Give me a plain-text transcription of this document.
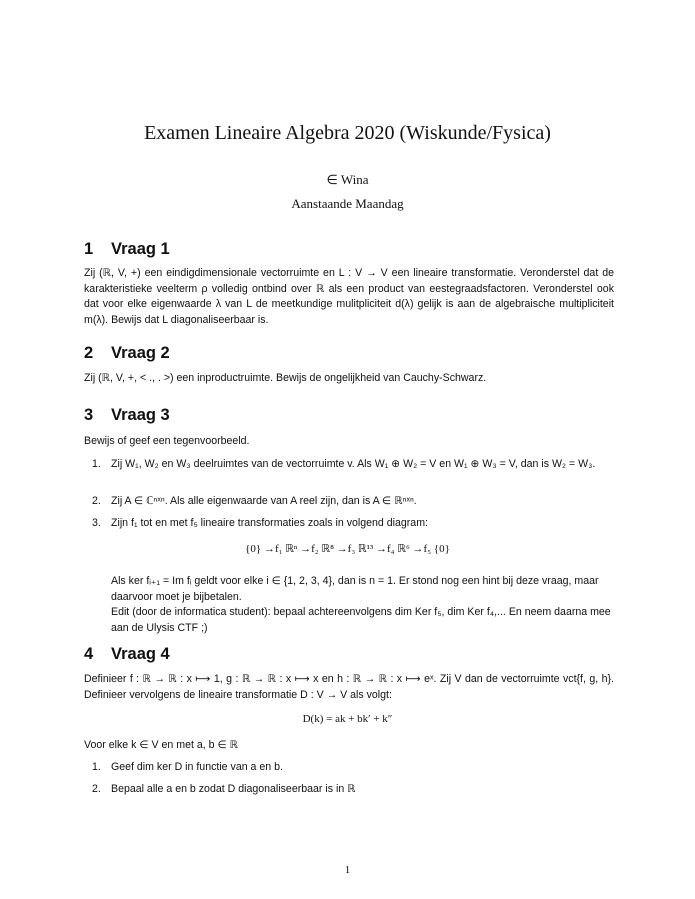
Examen Lineaire Algebra 2020 (Wiskunde/Fysica)
∈ Wina
Aanstaande Maandag
1 Vraag 1
Zij (ℝ, V, +) een eindigdimensionale vectorruimte en L : V → V een lineaire transformatie. Veronderstel dat de karakteristieke veelterm ρ volledig ontbind over ℝ als een product van eestegraadsfactoren. Veronderstel ook dat voor elke eigenwaarde λ van L de meetkundige mulitpliciteit d(λ) gelijk is aan de algebraische multipliciteit m(λ). Bewijs dat L diagonaliseerbaar is.
2 Vraag 2
Zij (ℝ, V, +, < ., . >) een inproductruimte. Bewijs de ongelijkheid van Cauchy-Schwarz.
3 Vraag 3
Bewijs of geef een tegenvoorbeeld.
1. Zij W₁, W₂ en W₃ deelruimtes van de vectorruimte v. Als W₁ ⊕ W₂ = V en W₁ ⊕ W₃ = V, dan is W₂ = W₃.
2. Zij A ∈ ℂⁿˣⁿ. Als alle eigenwaarde van A reel zijn, dan is A ∈ ℝⁿˣⁿ.
3. Zijn f₁ tot en met f₅ lineaire transformaties zoals in volgend diagram:
{0} →f₁ ℝⁿ →f₂ ℝ⁸ →f₃ ℝ¹³ →f₄ ℝ⁶ →f₅ {0}
Als ker fᵢ₊₁ = Im fᵢ geldt voor elke i ∈ {1, 2, 3, 4}, dan is n = 1. Er stond nog een hint bij deze vraag, maar daarvoor moet je bijbetalen.
Edit (door de informatica student): bepaal achtereenvolgens dim Ker f₅, dim Ker f₄,... En neem daarna mee aan de Ulysis CTF ;)
4 Vraag 4
Definieer f : ℝ → ℝ : x ⟼ 1, g : ℝ → ℝ : x ⟼ x en h : ℝ → ℝ : x ⟼ eˣ. Zij V dan de vectorruimte vct{f, g, h}. Definieer vervolgens de lineaire transformatie D : V → V als volgt:
D(k) = ak + bk′ + k″
Voor elke k ∈ V en met a, b ∈ ℝ
1. Geef dim ker D in functie van a en b.
2. Bepaal alle a en b zodat D diagonaliseerbaar is in ℝ
1
